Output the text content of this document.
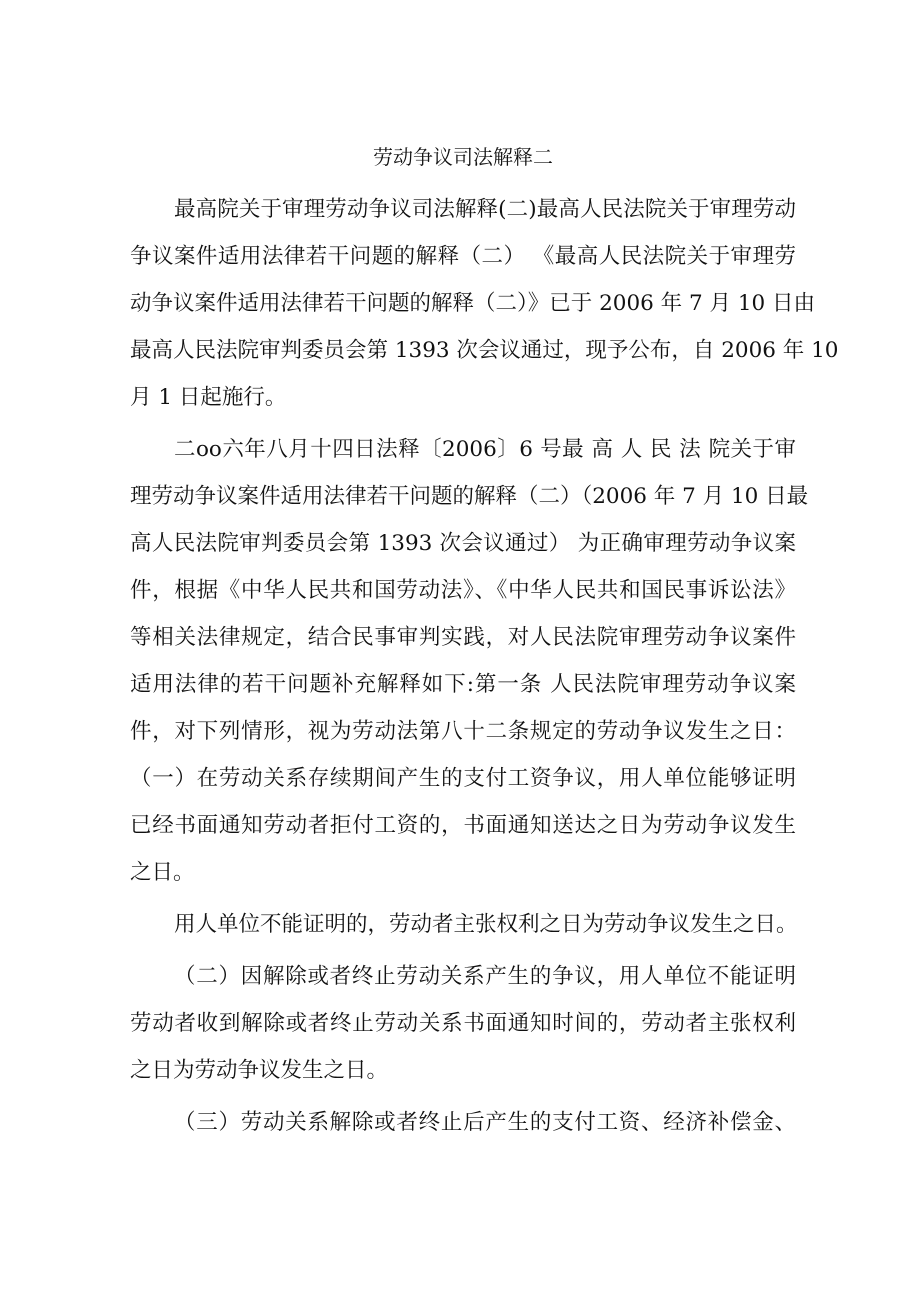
劳动争议司法解释二
最高院关于审理劳动争议司法解释(二)最高人民法院关于审理劳动
争议案件适用法律若干问题的解释（二） 《最高人民法院关于审理劳
动争议案件适用法律若干问题的解释（二）》已于 2006 年 7 月 10 日由
最高人民法院审判委员会第 1393 次会议通过，现予公布，自 2006 年 10
月 1 日起施行。
二oo六年八月十四日法释〔2006〕6 号最 高 人 民 法 院关于审
理劳动争议案件适用法律若干问题的解释（二）（2006 年 7 月 10 日最
高人民法院审判委员会第 1393 次会议通过） 为正确审理劳动争议案
件，根据《中华人民共和国劳动法》、《中华人民共和国民事诉讼法》
等相关法律规定，结合民事审判实践，对人民法院审理劳动争议案件
适用法律的若干问题补充解释如下:第一条 人民法院审理劳动争议案
件，对下列情形，视为劳动法第八十二条规定的劳动争议发生之日：
（一）在劳动关系存续期间产生的支付工资争议，用人单位能够证明
已经书面通知劳动者拒付工资的，书面通知送达之日为劳动争议发生
之日。
用人单位不能证明的，劳动者主张权利之日为劳动争议发生之日。
（二）因解除或者终止劳动关系产生的争议，用人单位不能证明
劳动者收到解除或者终止劳动关系书面通知时间的，劳动者主张权利
之日为劳动争议发生之日。
（三）劳动关系解除或者终止后产生的支付工资、经济补偿金、
